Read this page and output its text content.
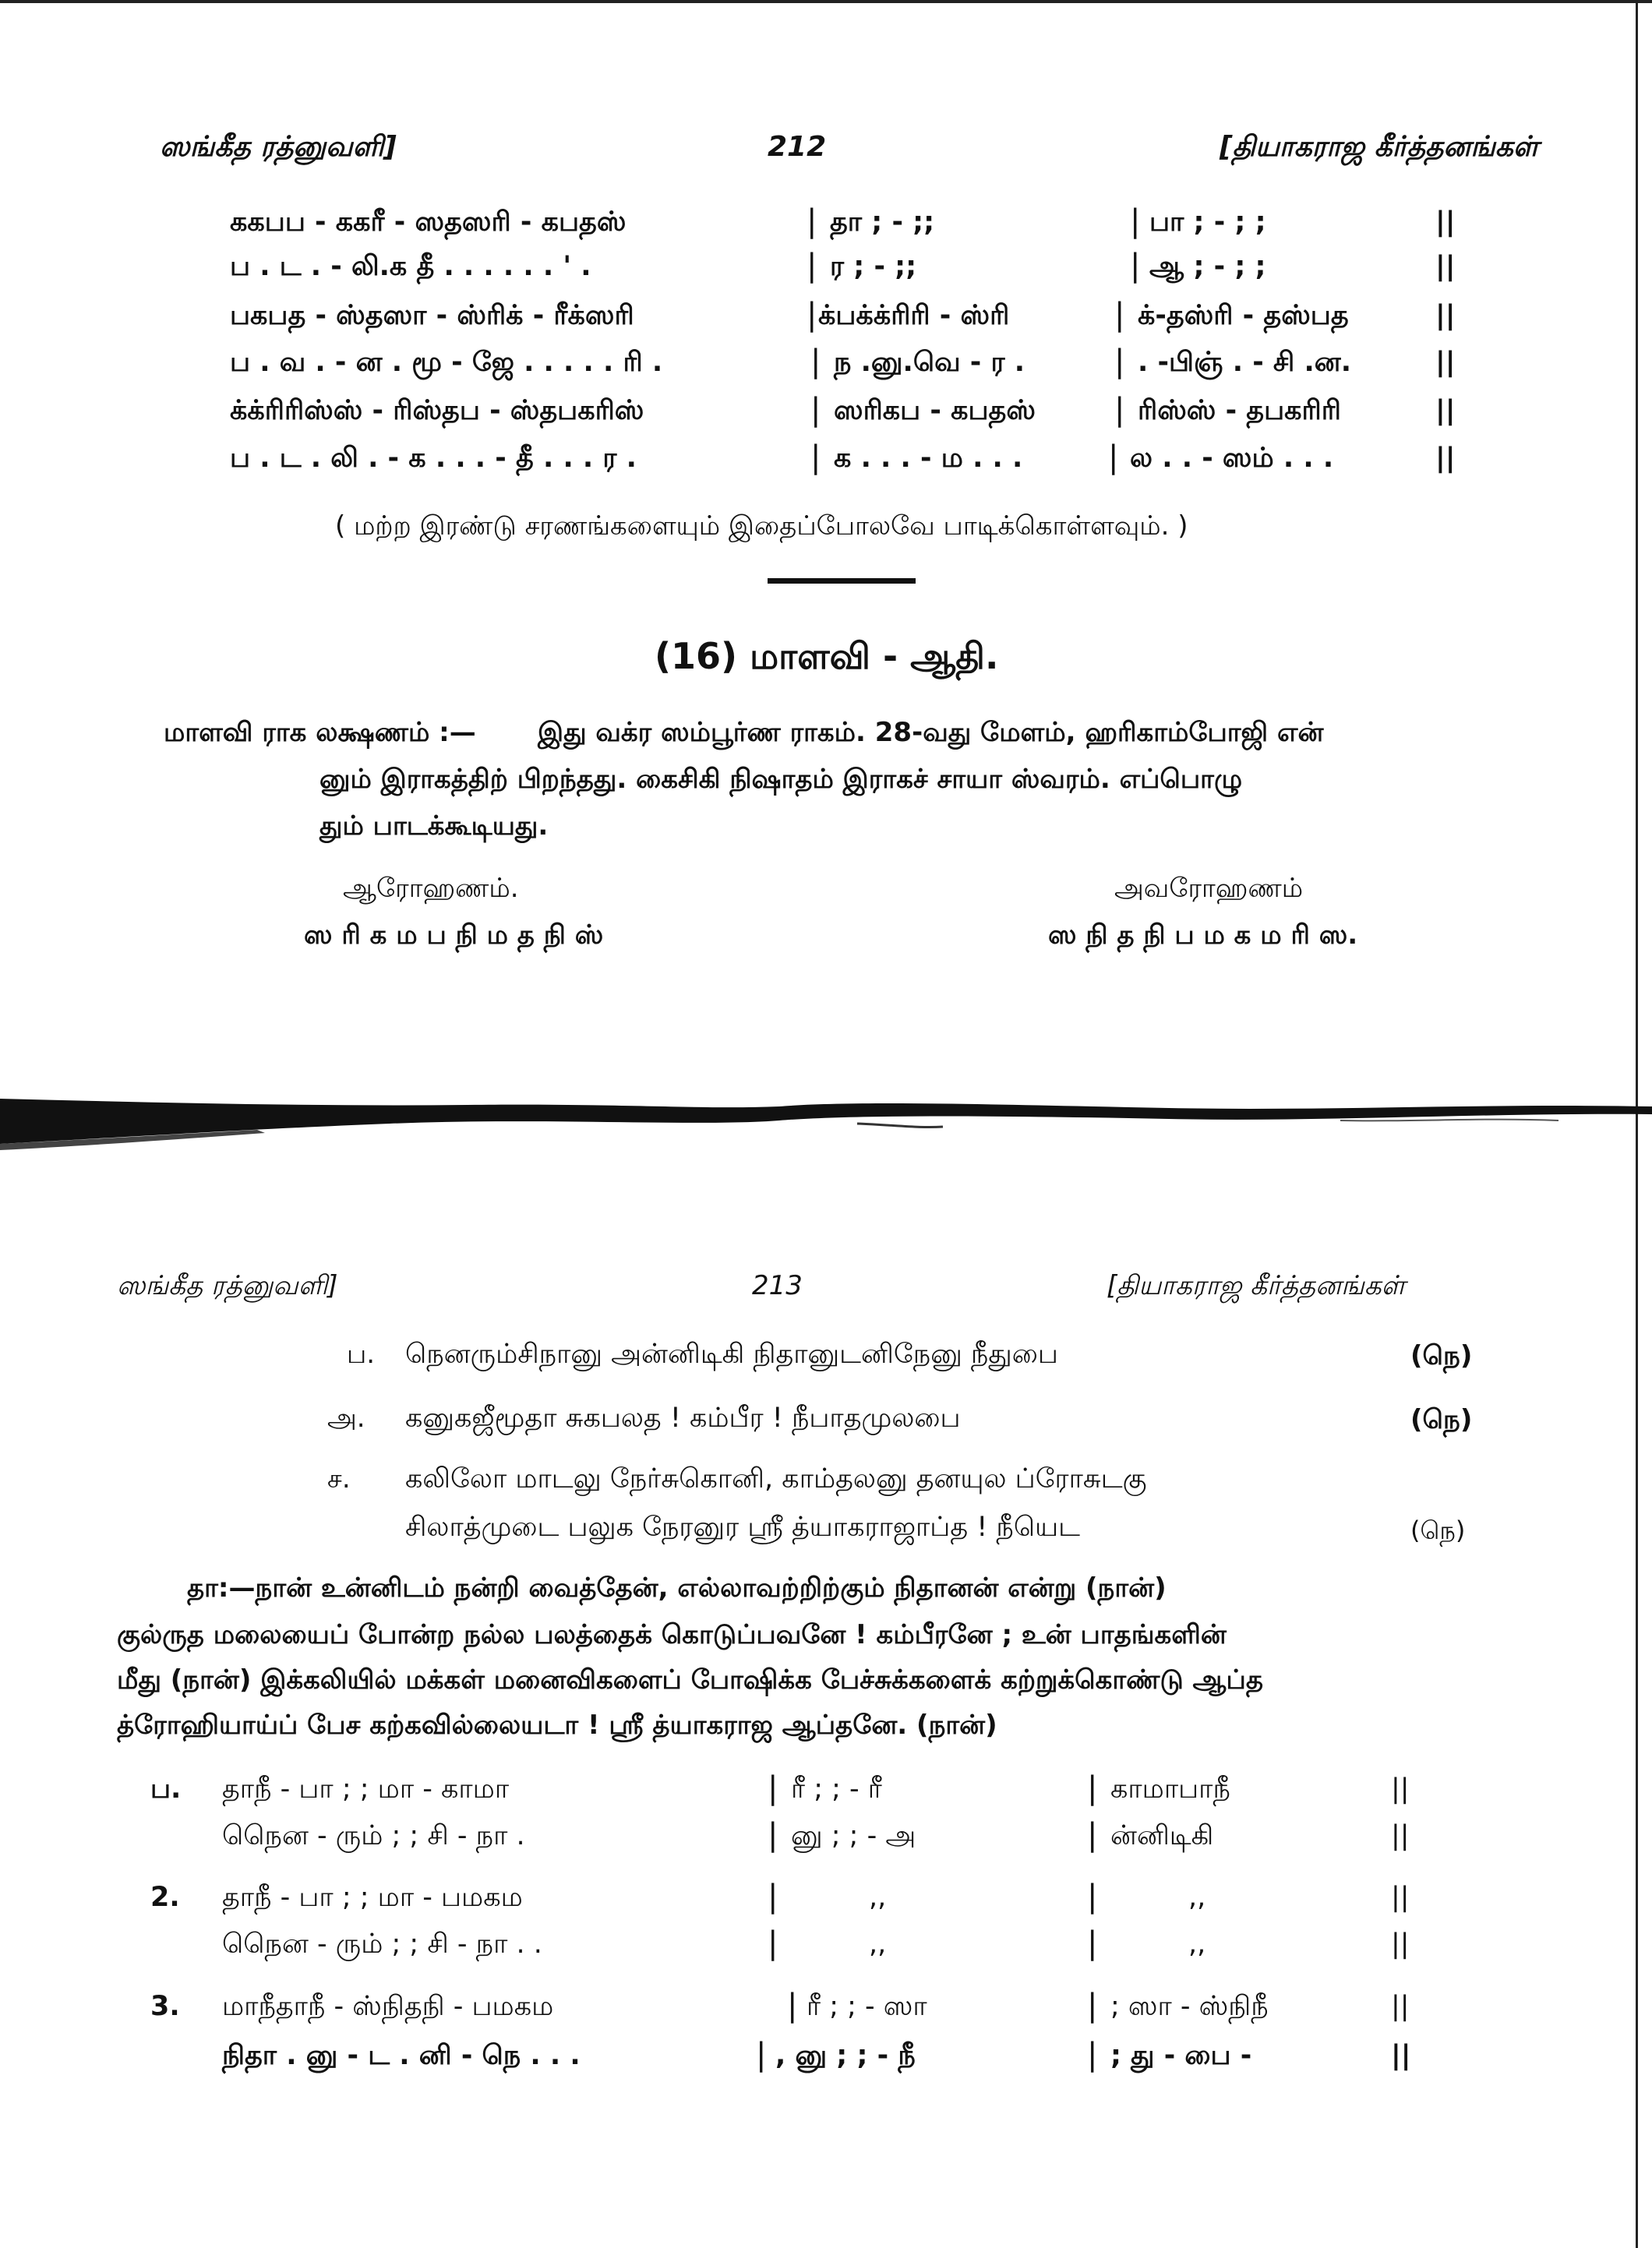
ஸங்கீத ரத்னுவளி]	212	[தியாகராஜ கீர்த்தனங்கள்
ககபப - ககரீ - ஸதஸரி - கபதஸ்	| தா ; - ;;	| பா ; - ; ;	||
ப . ட . - லி.க தீ . . . . . . ' .	| ர ; - ;;	| ஆ ; - ; ;	||
பகபத - ஸ்தஸா - ஸ்ரிக் - ரீக்ஸரி	| க்பக்க்ரிரி - ஸ்ரி	| க்-தஸ்ரி - தஸ்பத	||
ப . வ . - ன . மூ - ஜே . . . . . ரி .	| ந .னு.வெ - ர .	| . -பிஞ் . - சி .ன.	||
க்க்ரிரிஸ்ஸ் - ரிஸ்தப - ஸ்தபகரிஸ்	| ஸரிகப - கபதஸ்	| ரிஸ்ஸ் - தபகரிரி	||
ப . ட . லி . - க . . . - தீ . . . ர .	| க . . . - ம . . .	| ல . . - ஸம் . . .	||
( மற்ற இரண்டு சரணங்களையும் இதைப்போலவே பாடிக்கொள்ளவும். )
(16) மாளவி - ஆதி.
மாளவி ராக லக்ஷணம் :— இது வக்ர ஸம்பூர்ண ராகம். 28-வது மேளம், ஹரிகாம்போஜி என்
னும் இராகத்திற் பிறந்தது. கைசிகி நிஷாதம் இராகச் சாயா ஸ்வரம். எப்பொழு
தும் பாடக்கூடியது.
ஆரோஹணம்.
ஸ ரி க ம ப நி ம த நி ஸ்
அவரோஹணம்
ஸ நி த நி ப ம க ம ரி ஸ.
ஸங்கீத ரத்னுவளி]	213	[தியாகராஜ கீர்த்தனங்கள்
ப. நெனரும்சிநானு அன்னிடிகி நிதானுடனிநேனு நீதுபை	(நெ)
அ. கனுகஜீமூதா சுகபலத ! கம்பீர ! நீபாதமுலபை	(நெ)
ச. கலிலோ மாடலு நேர்சுகொனி, காம்தலனு தனயுல ப்ரோசுடகு
சிலாத்முடை பலுக நேரனுர ஸ்ரீ த்யாகராஜாப்த ! நீயெட	(நெ)
தா:—நான் உன்னிடம் நன்றி வைத்தேன், எல்லாவற்றிற்கும் நிதானன் என்று (நான்)
குல்ருத மலையைப் போன்ற நல்ல பலத்தைக் கொடுப்பவனே ! கம்பீரனே ; உன் பாதங்களின்
மீது (நான்) இக்கலியில் மக்கள் மனைவிகளைப் போஷிக்க பேச்சுக்களைக் கற்றுக்கொண்டு ஆப்த
த்ரோஹியாய்ப் பேச கற்கவில்லையடா ! ஸ்ரீ த்யாகராஜ ஆப்தனே. (நான்)
ப. தாநீ - பா ; ; மா - காமா	| ரீ ; ; - ரீ	| காமாபாநீ	||
நெென - ரும் ; ; சி - நா .	| னு ; ; - அ	| ன்னிடிகி	||
2. தாநீ - பா ; ; மா - பமகம	|	,,	|	,,	||
நெென - ரும் ; ; சி - நா . .	|	,,	|	,,	||
3. மாநீதாநீ - ஸ்நிதநி - பமகம	| ரீ ; ; - ஸா	| ; ஸா - ஸ்நிநீ	||
நிதா . னு - ட . னி - நெ . . .	| , னு ; ; - நீ	| ; து - பை -	||
